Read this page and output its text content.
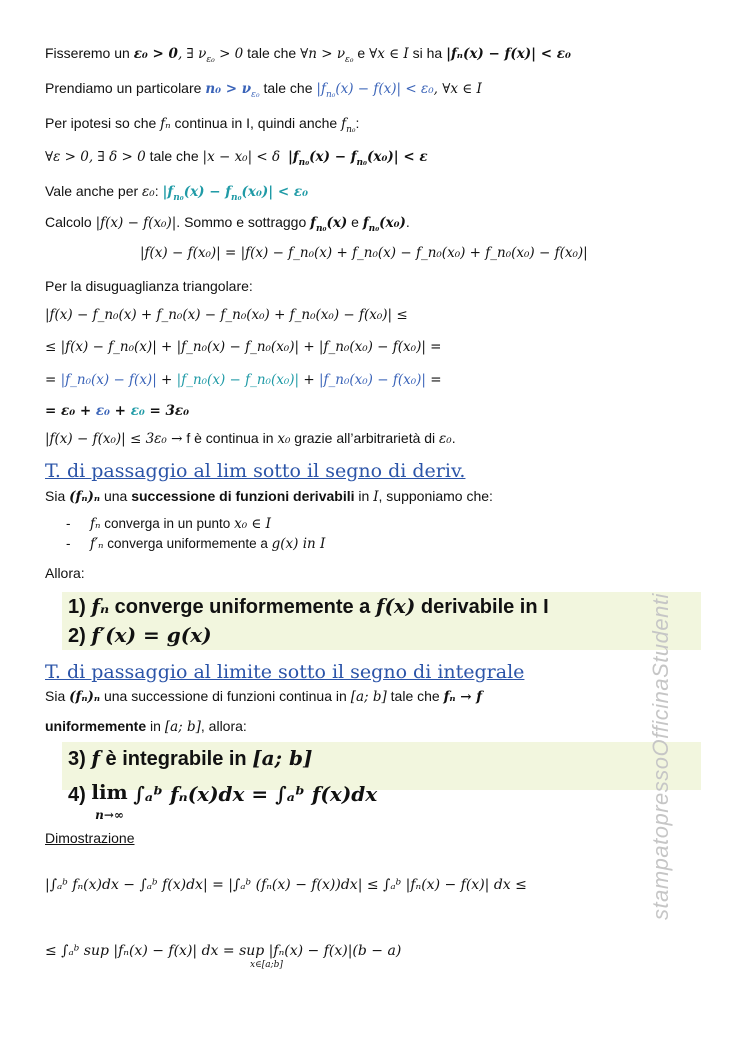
Fisseremo un ε₀ > 0, ∃ $\nu_{\varepsilon_0} > 0$ tale che ∀n > $\nu_{\varepsilon_0}$ e ∀x ∈ I si ha |fₙ(x) − f(x)| < ε₀
Prendiamo un particolare $n_0 > \nu_{\varepsilon_0}$ tale che $|f_{n_0}(x) - f(x)| < \varepsilon_0$, ∀x ∈ I
Per ipotesi so che fₙ continua in I, quindi anche $f_{n_0}$:
∀ε > 0, ∃ δ > 0 tale che |x − x₀| < δ $|f_{n_0}(x) - f_{n_0}(x_0)| < \varepsilon$
Vale anche per ε₀: $|f_{n_0}(x) - f_{n_0}(x_0)| < \varepsilon_0$
Calcolo |f(x) − f(x₀)|. Sommo e sottraggo $f_{n_0}(x)$ e $f_{n_0}(x_0)$.
|f(x) − f(x₀)| = |f(x) − f_n₀(x) + f_n₀(x) − f_n₀(x₀) + f_n₀(x₀) − f(x₀)|
Per la disuguaglianza triangolare:
|f(x) − f_n₀(x) + f_n₀(x) − f_n₀(x₀) + f_n₀(x₀) − f(x₀)| ≤
≤ |f(x) − f_n₀(x)| + |f_n₀(x) − f_n₀(x₀)| + |f_n₀(x₀) − f(x₀)| =
= |f_n₀(x) − f(x)| + |f_n₀(x) − f_n₀(x₀)| + |f_n₀(x₀) − f(x₀)| =
= ε₀ + ε₀ + ε₀ = 3ε₀
|f(x) − f(x₀)| ≤ 3ε₀ → f è continua in x₀ grazie all’arbitrarietà di ε₀.
T. di passaggio al lim sotto il segno di deriv.
Sia (fₙ)ₙ una successione di funzioni derivabili in I, supponiamo che:
- fₙ converga in un punto x₀ ∈ I
- f′ₙ converga uniformemente a g(x) in I
Allora:
1) fₙ converge uniformemente a f(x) derivabile in I
2) f′(x) = g(x)
T. di passaggio al limite sotto il segno di integrale
Sia (fₙ)ₙ una successione di funzioni continua in [a; b] tale che fₙ → f
uniformemente in [a; b], allora:
3) f è integrabile in [a; b]
4) lim
n→∞ ∫ₐᵇ fₙ(x)dx = ∫ₐᵇ f(x)dx
Dimostrazione
|∫ₐᵇ fₙ(x)dx − ∫ₐᵇ f(x)dx| = |∫ₐᵇ (fₙ(x) − f(x))dx| ≤ ∫ₐᵇ |fₙ(x) − f(x)| dx ≤
≤ ∫ₐᵇ sup |fₙ(x) − f(x)| dx = sup |fₙ(x) − f(x)|(b − a)
x∈[a;b]
stampatopressoOfficinaStudenti
